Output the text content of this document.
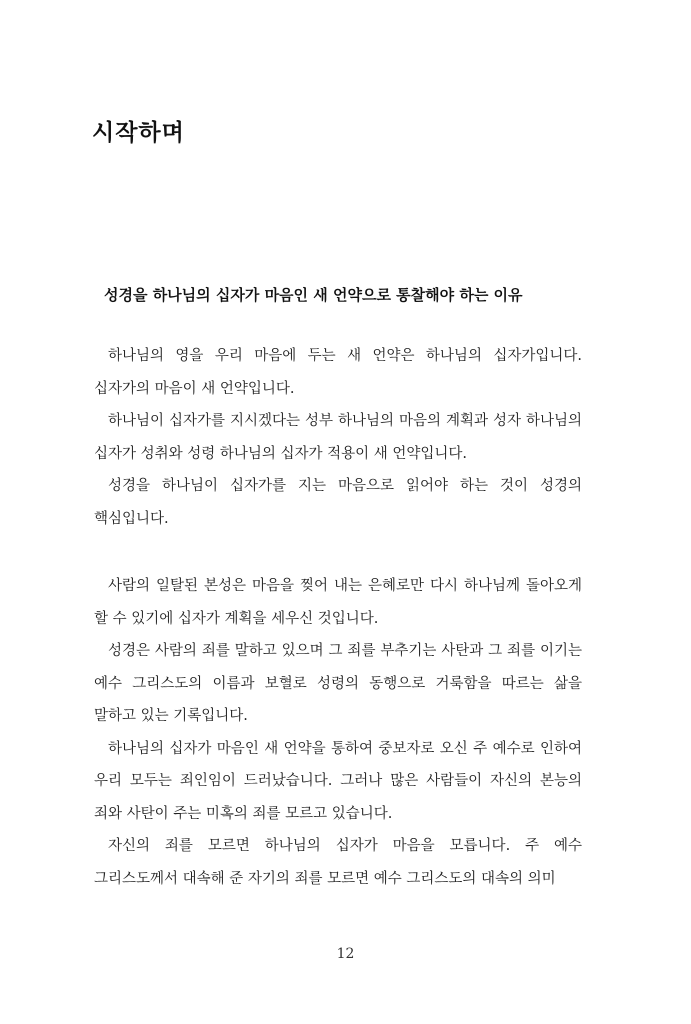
시작하며
성경을 하나님의 십자가 마음인 새 언약으로 통찰해야 하는 이유

하나님의 영을 우리 마음에 두는 새 언약은 하나님의 십자가입니다. 십자가의 마음이 새 언약입니다.

하나님이 십자가를 지시겠다는 성부 하나님의 마음의 계획과 성자 하나님의 십자가 성취와 성령 하나님의 십자가 적용이 새 언약입니다.

성경을 하나님이 십자가를 지는 마음으로 읽어야 하는 것이 성경의 핵심입니다.

사람의 일탈된 본성은 마음을 찢어 내는 은혜로만 다시 하나님께 돌아오게 할 수 있기에 십자가 계획을 세우신 것입니다.

성경은 사람의 죄를 말하고 있으며 그 죄를 부추기는 사탄과 그 죄를 이기는 예수 그리스도의 이름과 보혈로 성령의 동행으로 거룩함을 따르는 삶을 말하고 있는 기록입니다.

하나님의 십자가 마음인 새 언약을 통하여 중보자로 오신 주 예수로 인하여 우리 모두는 죄인임이 드러났습니다. 그러나 많은 사람들이 자신의 본능의 죄와 사탄이 주는 미혹의 죄를 모르고 있습니다.

자신의 죄를 모르면 하나님의 십자가 마음을 모릅니다. 주 예수 그리스도께서 대속해 준 자기의 죄를 모르면 예수 그리스도의 대속의 의미

12
